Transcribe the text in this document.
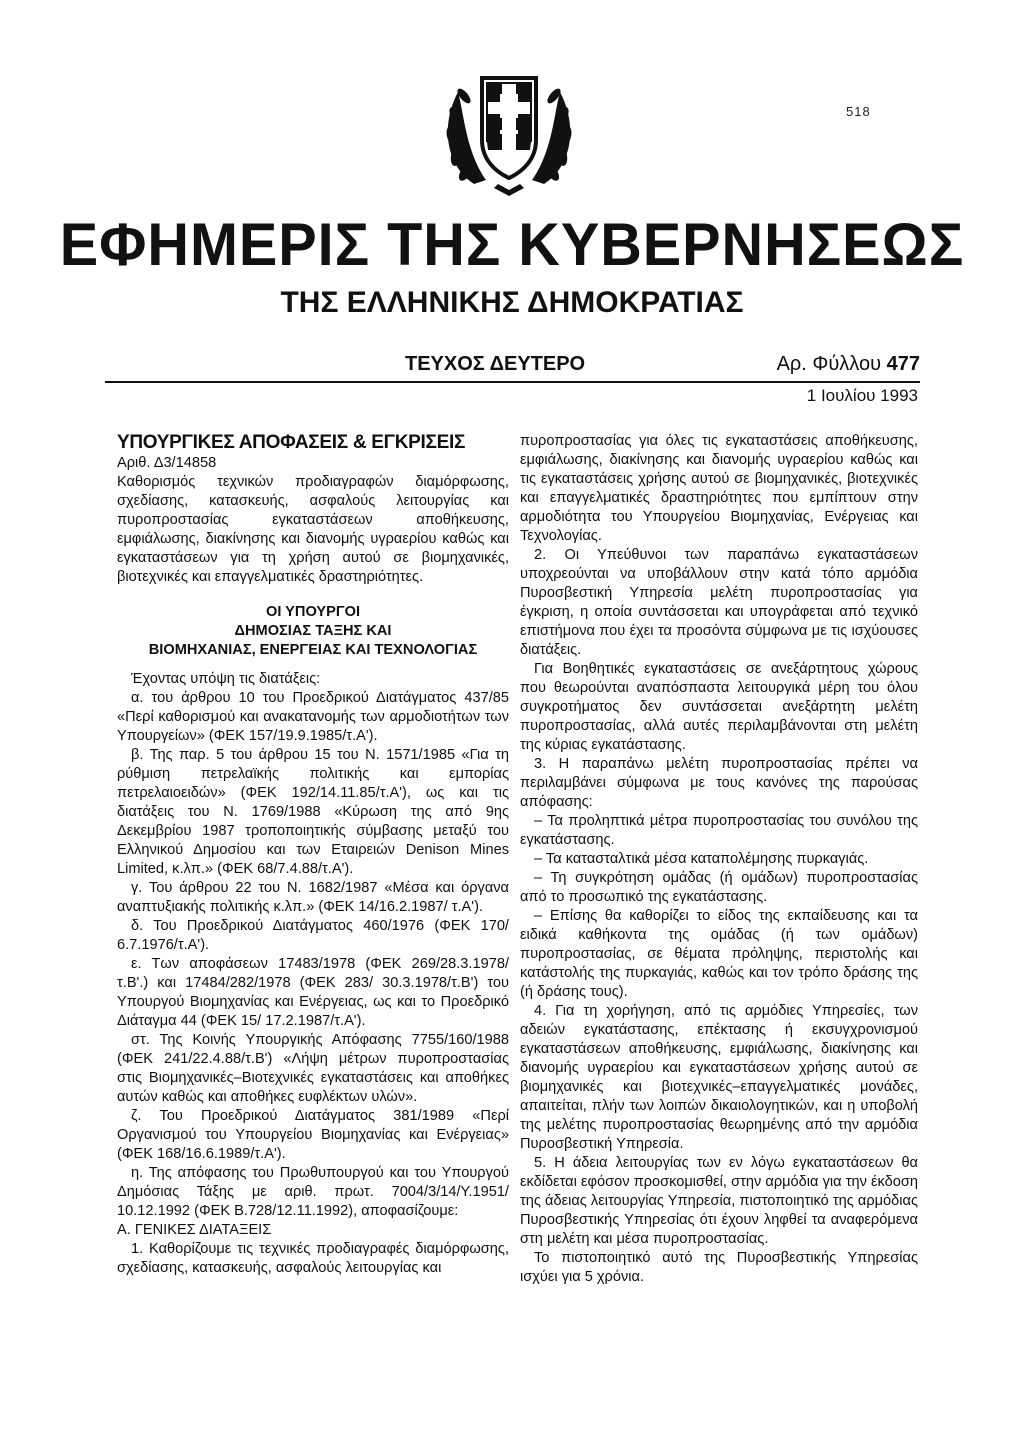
518
ΕΦΗΜΕΡΙΣ ΤΗΣ ΚΥΒΕΡΝΗΣΕΩΣ
ΤΗΣ ΕΛΛΗΝΙΚΗΣ ΔΗΜΟΚΡΑΤΙΑΣ
ΤΕΥΧΟΣ ΔΕΥΤΕΡΟ	Αρ. Φύλλου 477
1 Ιουλίου 1993

ΥΠΟΥΡΓΙΚΕΣ ΑΠΟΦΑΣΕΙΣ & ΕΓΚΡΙΣΕΙΣ

Αριθ. Δ3/14858

Καθορισμός τεχνικών προδιαγραφών διαμόρφωσης, σχεδίασης, κατασκευής, ασφαλούς λειτουργίας και πυροπροστασίας εγκαταστάσεων αποθήκευσης, εμφιάλωσης, διακίνησης και διανομής υγραερίου καθώς και εγκαταστάσεων για τη χρήση αυτού σε βιομηχανικές, βιοτεχνικές και επαγγελματικές δραστηριότητες.

ΟΙ ΥΠΟΥΡΓΟΙ
ΔΗΜΟΣΙΑΣ ΤΑΞΗΣ ΚΑΙ
ΒΙΟΜΗΧΑΝΙΑΣ, ΕΝΕΡΓΕΙΑΣ ΚΑΙ ΤΕΧΝΟΛΟΓΙΑΣ

Έχοντας υπόψη τις διατάξεις:

α. του άρθρου 10 του Προεδρικού Διατάγματος 437/85 «Περί καθορισμού και ανακατανομής των αρμοδιοτήτων των Υπουργείων» (ΦΕΚ 157/19.9.1985/τ.Α').

β. Της παρ. 5 του άρθρου 15 του Ν. 1571/1985 «Για τη ρύθμιση πετρελαϊκής πολιτικής και εμπορίας πετρελαιοειδών» (ΦΕΚ 192/14.11.85/τ.Α'), ως και τις διατάξεις του Ν. 1769/1988 «Κύρωση της από 9ης Δεκεμβρίου 1987 τροποποιητικής σύμβασης μεταξύ του Ελληνικού Δημοσίου και των Εταιρειών Denison Mines Limited, κ.λπ.» (ΦΕΚ 68/7.4.88/τ.Α').

γ. Του άρθρου 22 του Ν. 1682/1987 «Μέσα και όργανα αναπτυξιακής πολιτικής κ.λπ.» (ΦΕΚ 14/16.2.1987/ τ.Α').

δ. Του Προεδρικού Διατάγματος 460/1976 (ΦΕΚ 170/ 6.7.1976/τ.Α').

ε. Των αποφάσεων 17483/1978 (ΦΕΚ 269/28.3.1978/τ.Β'.) και 17484/282/1978 (ΦΕΚ 283/ 30.3.1978/τ.Β') του Υπουργού Βιομηχανίας και Ενέργειας, ως και το Προεδρικό Διάταγμα 44 (ΦΕΚ 15/ 17.2.1987/τ.Α').

στ. Της Κοινής Υπουργικής Απόφασης 7755/160/1988 (ΦΕΚ 241/22.4.88/τ.Β') «Λήψη μέτρων πυροπροστασίας στις Βιομηχανικές–Βιοτεχνικές εγκαταστάσεις και αποθήκες αυτών καθώς και αποθήκες ευφλέκτων υλών».

ζ. Του Προεδρικού Διατάγματος 381/1989 «Περί Οργανισμού του Υπουργείου Βιομηχανίας και Ενέργειας» (ΦΕΚ 168/16.6.1989/τ.Α').

η. Της απόφασης του Πρωθυπουργού και του Υπουργού Δημόσιας Τάξης με αριθ. πρωτ. 7004/3/14/Υ.1951/ 10.12.1992 (ΦΕΚ Β.728/12.11.1992), αποφασίζουμε:

Α. ΓΕΝΙΚΕΣ ΔΙΑΤΑΞΕΙΣ

1. Καθορίζουμε τις τεχνικές προδιαγραφές διαμόρφωσης, σχεδίασης, κατασκευής, ασφαλούς λειτουργίας και

πυροπροστασίας για όλες τις εγκαταστάσεις αποθήκευσης, εμφιάλωσης, διακίνησης και διανομής υγραερίου καθώς και τις εγκαταστάσεις χρήσης αυτού σε βιομηχανικές, βιοτεχνικές και επαγγελματικές δραστηριότητες που εμπίπτουν στην αρμοδιότητα του Υπουργείου Βιομηχανίας, Ενέργειας και Τεχνολογίας.

2. Οι Υπεύθυνοι των παραπάνω εγκαταστάσεων υποχρεούνται να υποβάλλουν στην κατά τόπο αρμόδια Πυροσβεστική Υπηρεσία μελέτη πυροπροστασίας για έγκριση, η οποία συντάσσεται και υπογράφεται από τεχνικό επιστήμονα που έχει τα προσόντα σύμφωνα με τις ισχύουσες διατάξεις.

Για Βοηθητικές εγκαταστάσεις σε ανεξάρτητους χώρους που θεωρούνται αναπόσπαστα λειτουργικά μέρη του όλου συγκροτήματος δεν συντάσσεται ανεξάρτητη μελέτη πυροπροστασίας, αλλά αυτές περιλαμβάνονται στη μελέτη της κύριας εγκατάστασης.

3. Η παραπάνω μελέτη πυροπροστασίας πρέπει να περιλαμβάνει σύμφωνα με τους κανόνες της παρούσας απόφασης:

– Τα προληπτικά μέτρα πυροπροστασίας του συνόλου της εγκατάστασης.

– Τα κατασταλτικά μέσα καταπολέμησης πυρκαγιάς.

– Τη συγκρότηση ομάδας (ή ομάδων) πυροπροστασίας από το προσωπικό της εγκατάστασης.

– Επίσης θα καθορίζει το είδος της εκπαίδευσης και τα ειδικά καθήκοντα της ομάδας (ή των ομάδων) πυροπροστασίας, σε θέματα πρόληψης, περιστολής και κατάστολής της πυρκαγιάς, καθώς και τον τρόπο δράσης της (ή δράσης τους).

4. Για τη χορήγηση, από τις αρμόδιες Υπηρεσίες, των αδειών εγκατάστασης, επέκτασης ή εκσυγχρονισμού εγκαταστάσεων αποθήκευσης, εμφιάλωσης, διακίνησης και διανομής υγραερίου και εγκαταστάσεων χρήσης αυτού σε βιομηχανικές και βιοτεχνικές–επαγγελματικές μονάδες, απαιτείται, πλήν των λοιπών δικαιολογητικών, και η υποβολή της μελέτης πυροπροστασίας θεωρημένης από την αρμόδια Πυροσβεστική Υπηρεσία.

5. Η άδεια λειτουργίας των εν λόγω εγκαταστάσεων θα εκδίδεται εφόσον προσκομισθεί, στην αρμόδια για την έκδοση της άδειας λειτουργίας Υπηρεσία, πιστοποιητικό της αρμόδιας Πυροσβεστικής Υπηρεσίας ότι έχουν ληφθεί τα αναφερόμενα στη μελέτη και μέσα πυροπροστασίας.

Το πιστοποιητικό αυτό της Πυροσβεστικής Υπηρεσίας ισχύει για 5 χρόνια.
